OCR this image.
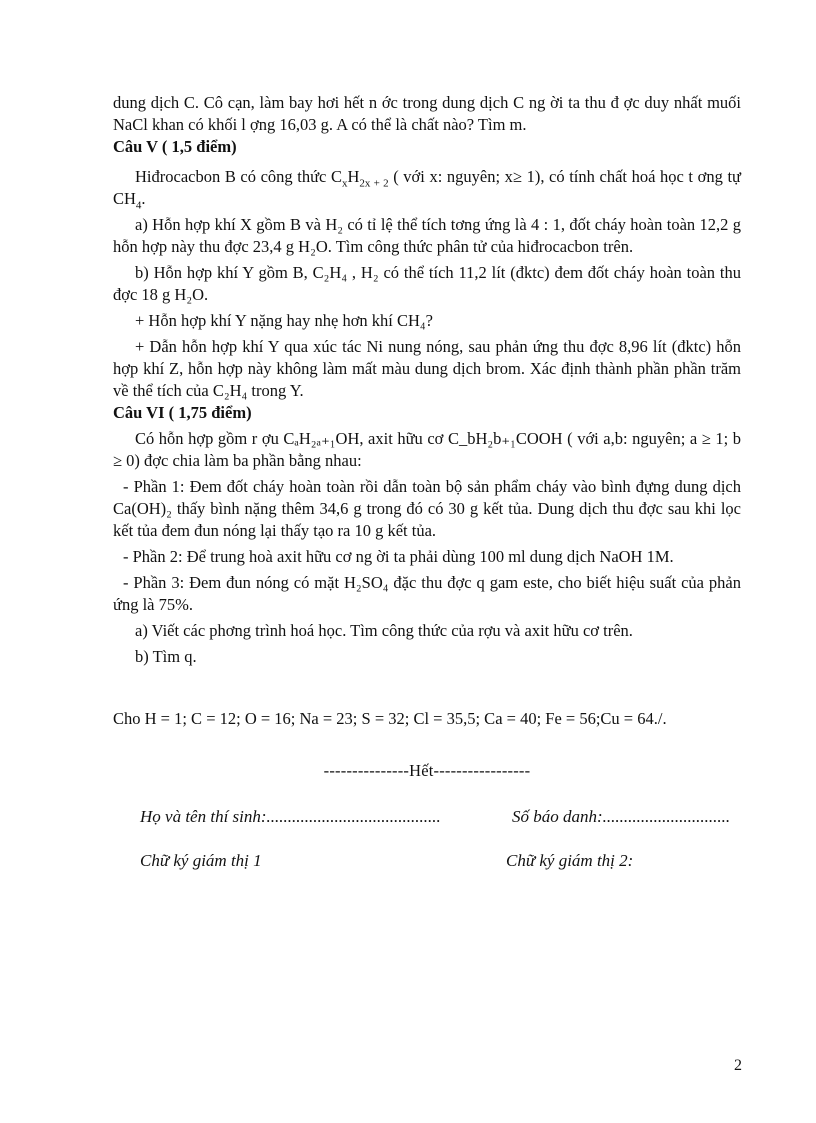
dung dịch C. Cô cạn, làm bay hơi hết n ớc trong dung dịch C ng ời ta thu đ ợc duy nhất muối NaCl khan có khối l ợng 16,03 g. A có thể là chất nào? Tìm m.

Câu V ( 1,5 điểm)

Hiđrocacbon B có công thức $C_xH_{2x + 2}$ ( với x: nguyên; x≥ 1), có tính chất hoá học t ơng tự $CH_4$.

a) Hỗn hợp khí X gồm B và H₂ có tỉ lệ thể tích tơng ứng là 4 : 1, đốt cháy hoàn toàn 12,2 g hỗn hợp này thu đợc 23,4 g H₂O. Tìm công thức phân tử của hiđrocacbon trên.

b) Hỗn hợp khí Y gồm B, C₂H₄ , H₂ có thể tích 11,2 lít (đktc) đem đốt cháy hoàn toàn thu đợc 18 g H₂O.

+ Hỗn hợp khí Y nặng hay nhẹ hơn khí CH₄?

+ Dẫn hỗn hợp khí Y qua xúc tác Ni nung nóng, sau phản ứng thu đợc 8,96 lít (đktc) hỗn hợp khí Z, hỗn hợp này không làm mất màu dung dịch brom. Xác định thành phần phần trăm về thể tích của C₂H₄ trong Y.

Câu VI ( 1,75 điểm)

Có hỗn hợp gồm r ợu CₐH₂ₐ₊₁OH, axit hữu cơ C_bH₂b₊₁COOH ( với a,b: nguyên; a ≥ 1; b ≥ 0) đợc chia làm ba phần bằng nhau:

- Phần 1: Đem đốt cháy hoàn toàn rồi dẫn toàn bộ sản phẩm cháy vào bình đựng dung dịch Ca(OH)₂ thấy bình nặng thêm 34,6 g trong đó có 30 g kết tủa. Dung dịch thu đợc sau khi lọc kết tủa đem đun nóng lại thấy tạo ra 10 g kết tủa.

- Phần 2: Để trung hoà axit hữu cơ ng ời ta phải dùng 100 ml dung dịch NaOH 1M.

- Phần 3: Đem đun nóng có mặt H₂SO₄ đặc thu đợc q gam este, cho biết hiệu suất của phản ứng là 75%.

a) Viết các phơng trình hoá học. Tìm công thức của rợu và axit hữu cơ trên.

b) Tìm q.

Cho H = 1; C = 12; O = 16; Na = 23; S = 32; Cl = 35,5; Ca = 40; Fe = 56;Cu = 64./.

---------------Hết-----------------

Họ và tên thí sinh:.........................................	Số báo danh:..............................
Chữ ký giám thị 1	Chữ ký giám thị 2:
2
